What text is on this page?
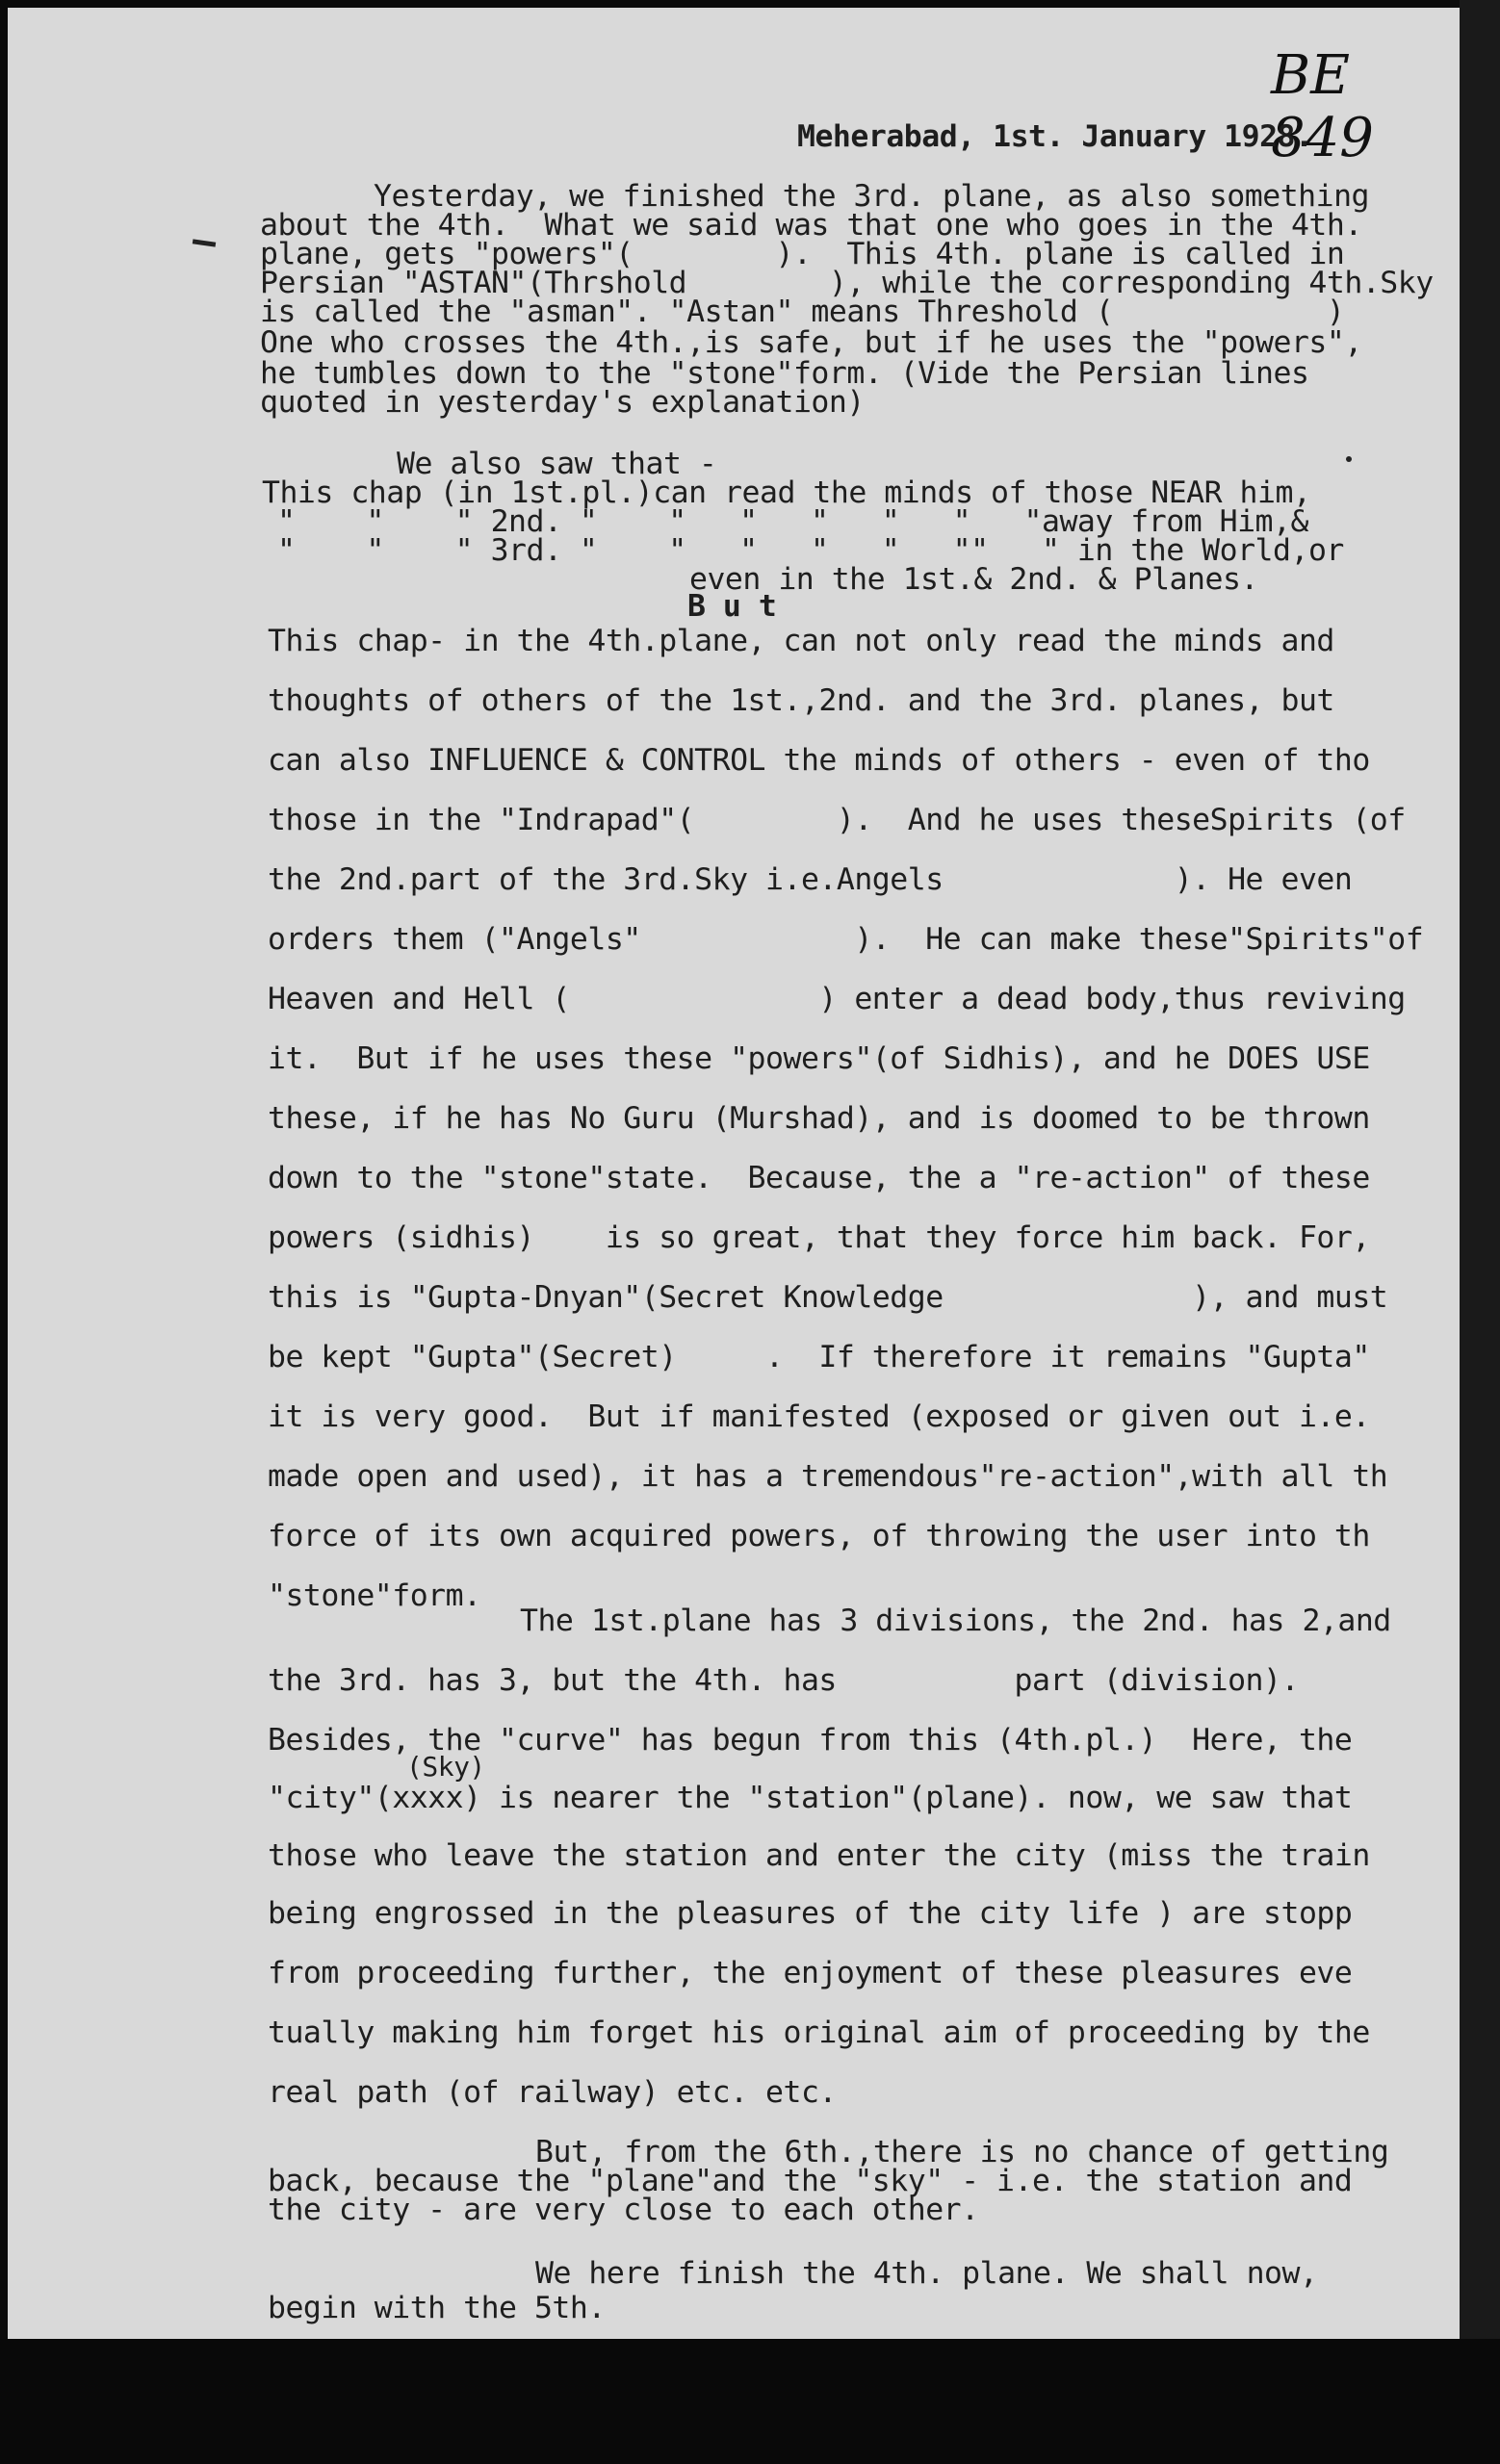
BE 849
Meherabad, 1st. January 1928.
Yesterday, we finished the 3rd. plane, as also something
about the 4th.  What we said was that one who goes in the 4th.
plane, gets "powers"(        ).  This 4th. plane is called in
Persian "ASTAN"(Thrshold        ), while the corresponding 4th.Sky
is called the "asman". "Astan" means Threshold (            )
One who crosses the 4th.,is safe, but if he uses the "powers",
he tumbles down to the "stone"form. (Vide the Persian lines
quoted in yesterday's explanation)
We also saw that -
This chap (in 1st.pl.)can read the minds of those NEAR him,
"    "    " 2nd. "    "   "   "   "   "   "away from Him,&
"    "    " 3rd. "    "   "   "   "   ""   " in the World,or
even in the 1st.& 2nd. & Planes.
B u t
This chap- in the 4th.plane, can not only read the minds and
thoughts of others of the 1st.,2nd. and the 3rd. planes, but
can also INFLUENCE & CONTROL the minds of others - even of tho
those in the "Indrapad"(        ).  And he uses theseSpirits (of
the 2nd.part of the 3rd.Sky i.e.Angels             ). He even
orders them ("Angels"            ).  He can make these"Spirits"of
Heaven and Hell (              ) enter a dead body,thus reviving
it.  But if he uses these "powers"(of Sidhis), and he DOES USE
these, if he has No Guru (Murshad), and is doomed to be thrown
down to the "stone"state.  Because, the a "re-action" of these
powers (sidhis)    is so great, that they force him back. For,
this is "Gupta-Dnyan"(Secret Knowledge              ), and must
be kept "Gupta"(Secret)     .  If therefore it remains "Gupta"
it is very good.  But if manifested (exposed or given out i.e.
made open and used), it has a tremendous"re-action",with all th
force of its own acquired powers, of throwing the user into th
"stone"form.
The 1st.plane has 3 divisions, the 2nd. has 2,and
the 3rd. has 3, but the 4th. has          part (division).
(Sky)
Besides, the "curve" has begun from this (4th.pl.)  Here, the
"city"(xxxx) is nearer the "station"(plane). now, we saw that
those who leave the station and enter the city (miss the train
being engrossed in the pleasures of the city life ) are stopp
from proceeding further, the enjoyment of these pleasures eve
tually making him forget his original aim of proceeding by the
real path (of railway) etc. etc.
But, from the 6th.,there is no chance of getting
back, because the "plane"and the "sky" - i.e. the station and
the city - are very close to each other.
We here finish the 4th. plane. We shall now,
begin with the 5th.
